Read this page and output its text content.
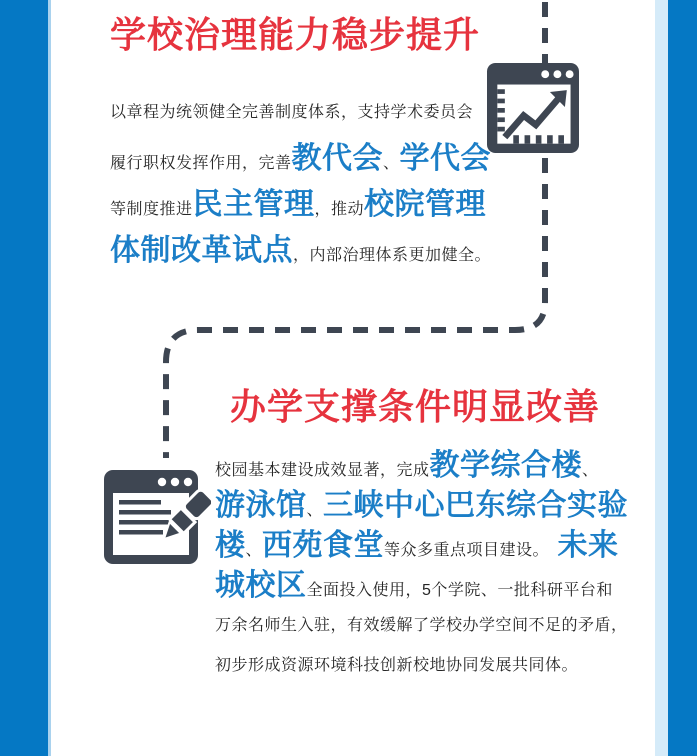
学校治理能力稳步提升
以章程为统领健全完善制度体系，支持学术委员会
履行职权发挥作用，完善教代会、学代会
等制度推进民主管理，推动校院管理
体制改革试点，内部治理体系更加健全。
办学支撑条件明显改善
校园基本建设成效显著，完成教学综合楼、
游泳馆、三峡中心巴东综合实验
楼、西苑食堂等众多重点项目建设。　未来
城校区全面投入使用，5个学院、一批科研平台和
万余名师生入驻，有效缓解了学校办学空间不足的矛盾，
初步形成资源环境科技创新校地协同发展共同体。
